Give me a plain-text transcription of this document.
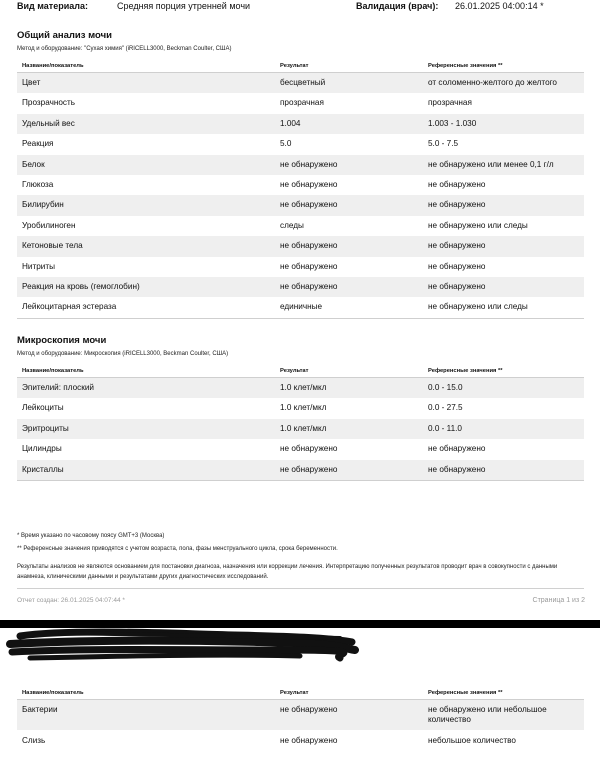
Вид материала:	Средняя порция утренней мочи	Валидация (врач): 26.01.2025 04:00:14 *
Общий анализ мочи
Метод и оборудование: "Сухая химия" (iRICELL3000, Beckman Coulter, США)
Название/показатель	Результат	Референсные значения **
Цвет	бесцветный	от соломенно-желтого до желтого
Прозрачность	прозрачная	прозрачная
Удельный вес	1.004	1.003 - 1.030
Реакция	5.0	5.0 - 7.5
Белок	не обнаружено	не обнаружено или менее 0,1 г/л
Глюкоза	не обнаружено	не обнаружено
Билирубин	не обнаружено	не обнаружено
Уробилиноген	следы	не обнаружено или следы
Кетоновые тела	не обнаружено	не обнаружено
Нитриты	не обнаружено	не обнаружено
Реакция на кровь (гемоглобин)	не обнаружено	не обнаружено
Лейкоцитарная эстераза	единичные	не обнаружено или следы
Микроскопия мочи
Метод и оборудование: Микроскопия (iRICELL3000, Beckman Coulter, США)
Название/показатель	Результат	Референсные значения **
Эпителий: плоский	1.0 клет/мкл	0.0 - 15.0
Лейкоциты	1.0 клет/мкл	0.0 - 27.5
Эритроциты	1.0 клет/мкл	0.0 - 11.0
Цилиндры	не обнаружено	не обнаружено
Кристаллы	не обнаружено	не обнаружено
* Время указано по часовому поясу GMT+3 (Москва)
** Референсные значения приводятся с учетом возраста, пола, фазы менструального цикла, срока беременности.
Результаты анализов не являются основанием для постановки диагноза, назначения или коррекции лечения. Интерпретацию полученных результатов проводит врач в совокупности с данными анамнеза, клиническими данными и результатами других диагностических исследований.
Отчет создан: 26.01.2025 04:07:44 *	Страница 1 из 2
Название/показатель	Результат	Референсные значения **
Бактерии	не обнаружено	не обнаружено или небольшое
количество
Слизь	не обнаружено	небольшое количество
